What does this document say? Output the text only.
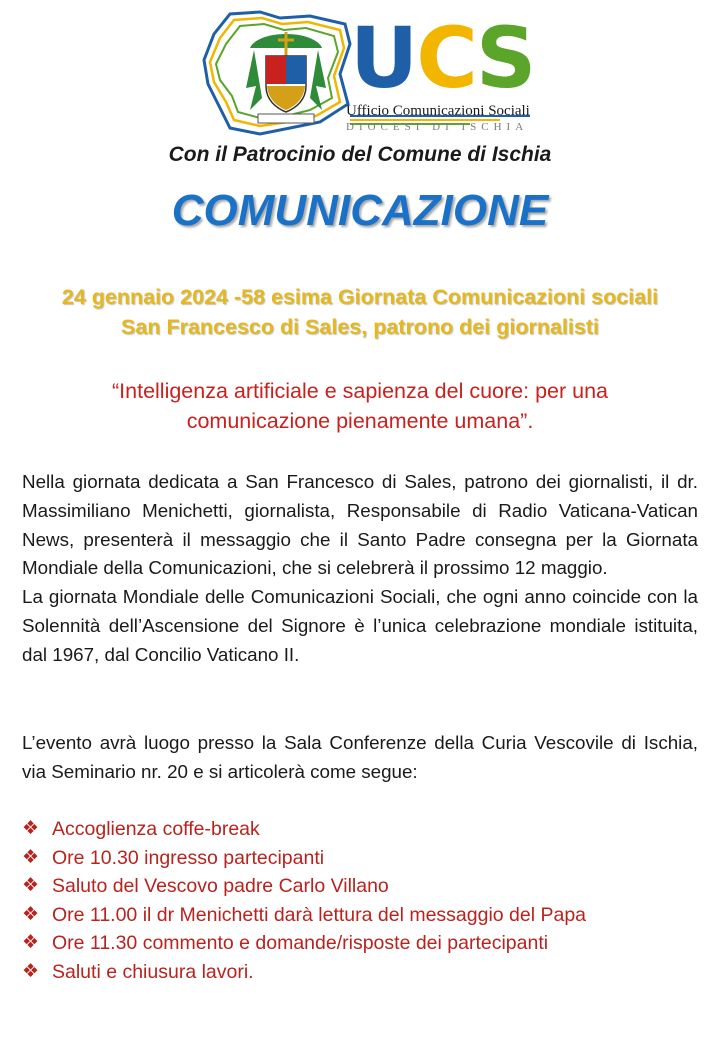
U C S
Ufficio Comunicazioni Sociali
DIOCESI DI ISCHIA
Con il Patrocinio del Comune di Ischia
COMUNICAZIONE
24 gennaio 2024 -58 esima Giornata Comunicazioni sociali
San Francesco di Sales, patrono dei giornalisti
“Intelligenza artificiale e sapienza del cuore: per una comunicazione pienamente umana”.

Nella giornata dedicata a San Francesco di Sales, patrono dei giornalisti, il dr. Massimiliano Menichetti, giornalista, Responsabile di Radio Vaticana-Vatican News, presenterà il messaggio che il Santo Padre consegna per la Giornata Mondiale della Comunicazioni, che si celebrerà il prossimo 12 maggio.

La giornata Mondiale delle Comunicazioni Sociali, che ogni anno coincide con la Solennità dell’Ascensione del Signore è l’unica celebrazione mondiale istituita, dal 1967, dal Concilio Vaticano II.

L’evento avrà luogo presso la Sala Conferenze della Curia Vescovile di Ischia, via Seminario nr. 20 e si articolerà come segue:
❖ Accoglienza coffe-break
❖ Ore 10.30 ingresso partecipanti
❖ Saluto del Vescovo padre Carlo Villano
❖ Ore 11.00 il dr Menichetti darà lettura del messaggio del Papa
❖ Ore 11.30 commento e domande/risposte dei partecipanti
❖ Saluti e chiusura lavori.
